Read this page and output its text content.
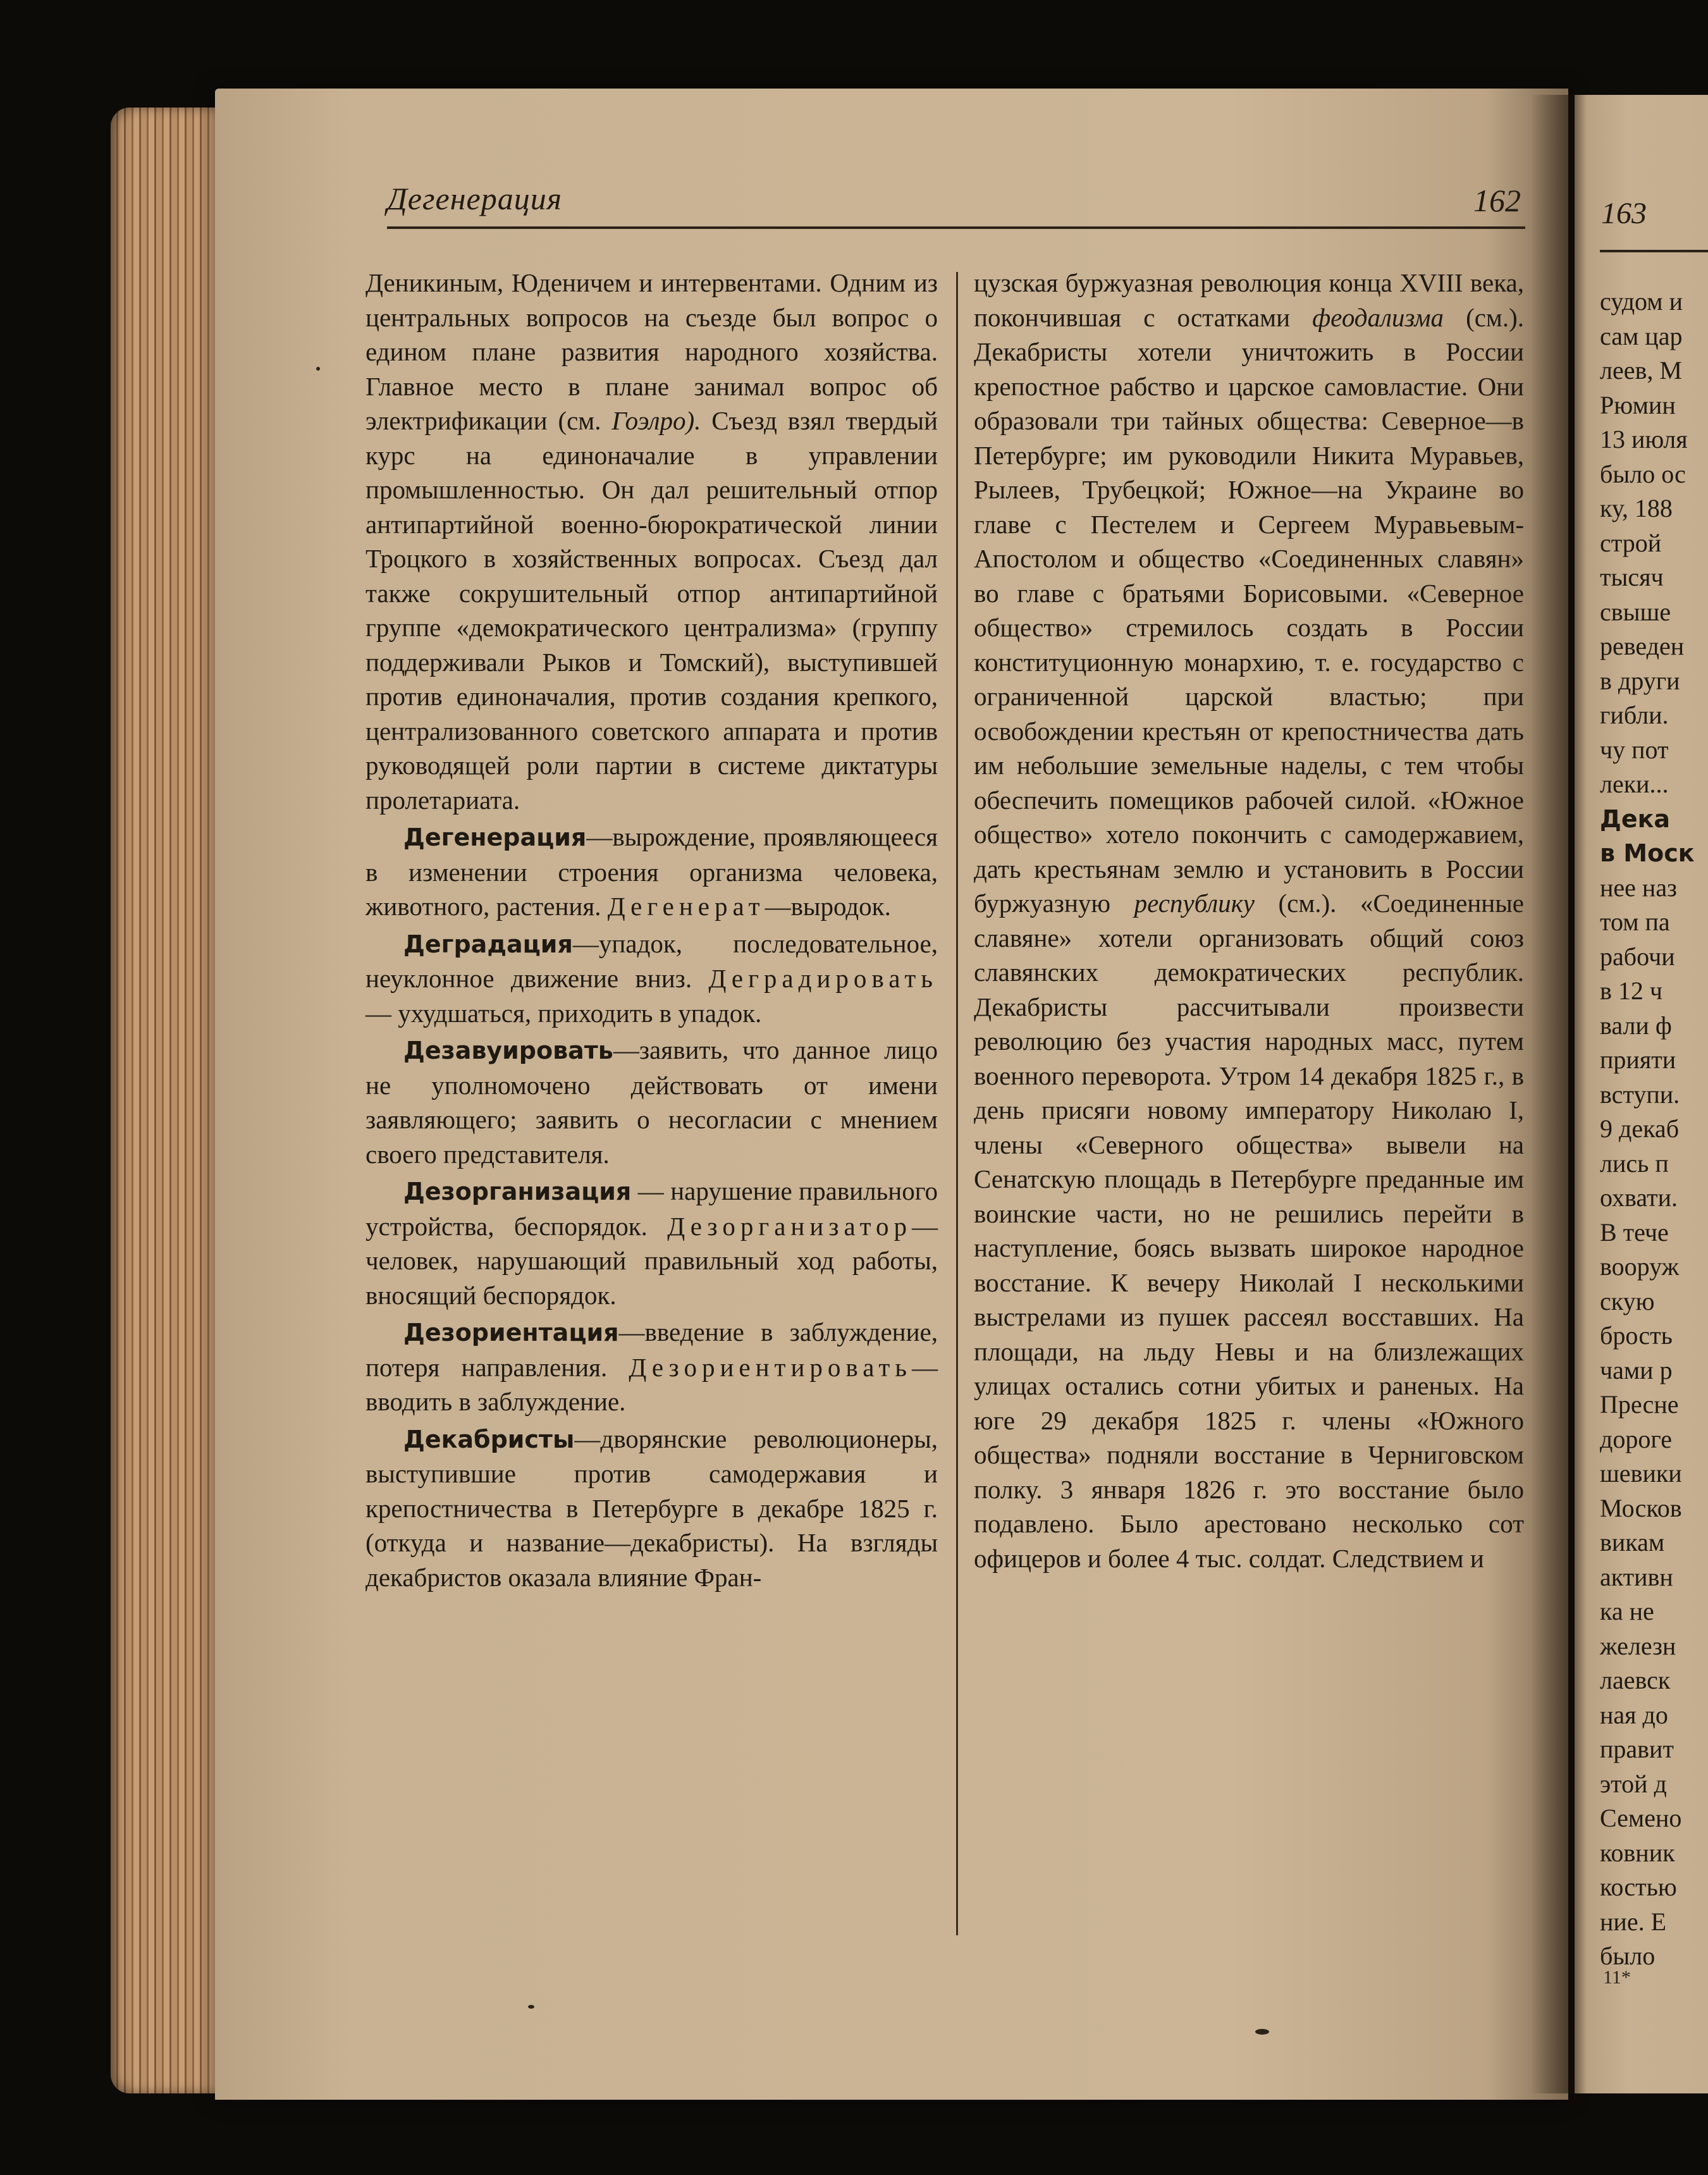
Дегенерация	162

Деникиным, Юденичем и интервентами. Одним из центральных вопросов на съезде был вопрос о едином плане развития народного хозяйства. Главное место в плане занимал вопрос об электрификации (см. Гоэлро). Съезд взял твердый курс на единоначалие в управлении промышленностью. Он дал решительный отпор антипартийной военно-бюрократической линии Троцкого в хозяйственных вопросах. Съезд дал также сокрушительный отпор антипартийной группе «демократического централизма» (группу поддерживали Рыков и Томский), выступившей против единоначалия, против создания крепкого, централизованного советского аппарата и против руководящей роли партии в системе диктатуры пролетариата.

Дегенерация—вырождение, проявляющееся в изменении строения организма человека, животного, растения. Дегенерат—выродок.

Деградация—упадок, последовательное, неуклонное движение вниз. Деградировать — ухудшаться, приходить в упадок.

Дезавуировать—заявить, что данное лицо не уполномочено действовать от имени заявляющего; заявить о несогласии с мнением своего представителя.

Дезорганизация — нарушение правильного устройства, беспорядок. Дезорганизатор— человек, нарушающий правильный ход работы, вносящий беспорядок.

Дезориентация—введение в заблуждение, потеря направления. Дезориентировать—вводить в заблуждение.

Декабристы—дворянские революционеры, выступившие против самодержавия и крепостничества в Петербурге в декабре 1825 г. (откуда и название—декабристы). На взгляды декабристов оказала влияние Фран-

цузская буржуазная революция конца XVIII века, покончившая с остатками феодализма (см.). Декабристы хотели уничтожить в России крепостное рабство и царское самовластие. Они образовали три тайных общества: Северное—в Петербурге; им руководили Никита Муравьев, Рылеев, Трубецкой; Южное—на Украине во главе с Пестелем и Сергеем Муравьевым-Апостолом и общество «Соединенных славян» во главе с братьями Борисовыми. «Северное общество» стремилось создать в России конституционную монархию, т. е. государство с ограниченной царской властью; при освобождении крестьян от крепостничества дать им небольшие земельные наделы, с тем чтобы обеспечить помещиков рабочей силой. «Южное общество» хотело покончить с самодержавием, дать крестьянам землю и установить в России буржуазную республику (см.). «Соединенные славяне» хотели организовать общий союз славянских демократических республик. Декабристы рассчитывали произвести революцию без участия народных масс, путем военного переворота. Утром 14 декабря 1825 г., в день присяги новому императору Николаю I, члены «Северного общества» вывели на Сенатскую площадь в Петербурге преданные им воинские части, но не решились перейти в наступление, боясь вызвать широкое народное восстание. К вечеру Николай I несколькими выстрелами из пушек рассеял восставших. На площади, на льду Невы и на близлежащих улицах остались сотни убитых и раненых. На юге 29 декабря 1825 г. члены «Южного общества» подняли восстание в Черниговском полку. 3 января 1826 г. это восстание было подавлено. Было арестовано несколько сот офицеров и более 4 тыс. солдат. Следствием и

163
судом и
сам цар
леев, М
Рюмин
13 июля
было ос
ку, 188
строй
тысяч
свыше
реведен
в други
гибли.
чу пот
леки...
Дека
в Моск
нее наз
том па
рабочи
в 12 ч
вали ф
прияти
вступи.
9 декаб
лись п
охвати.
В тече
вооруж
скую
брость
чами р
Пресне
дороге
шевики
Москов
викам
активн
ка не
железн
лаевск
ная до
правит
этой д
Семено
ковник
костью
ние. Е
было
11*
